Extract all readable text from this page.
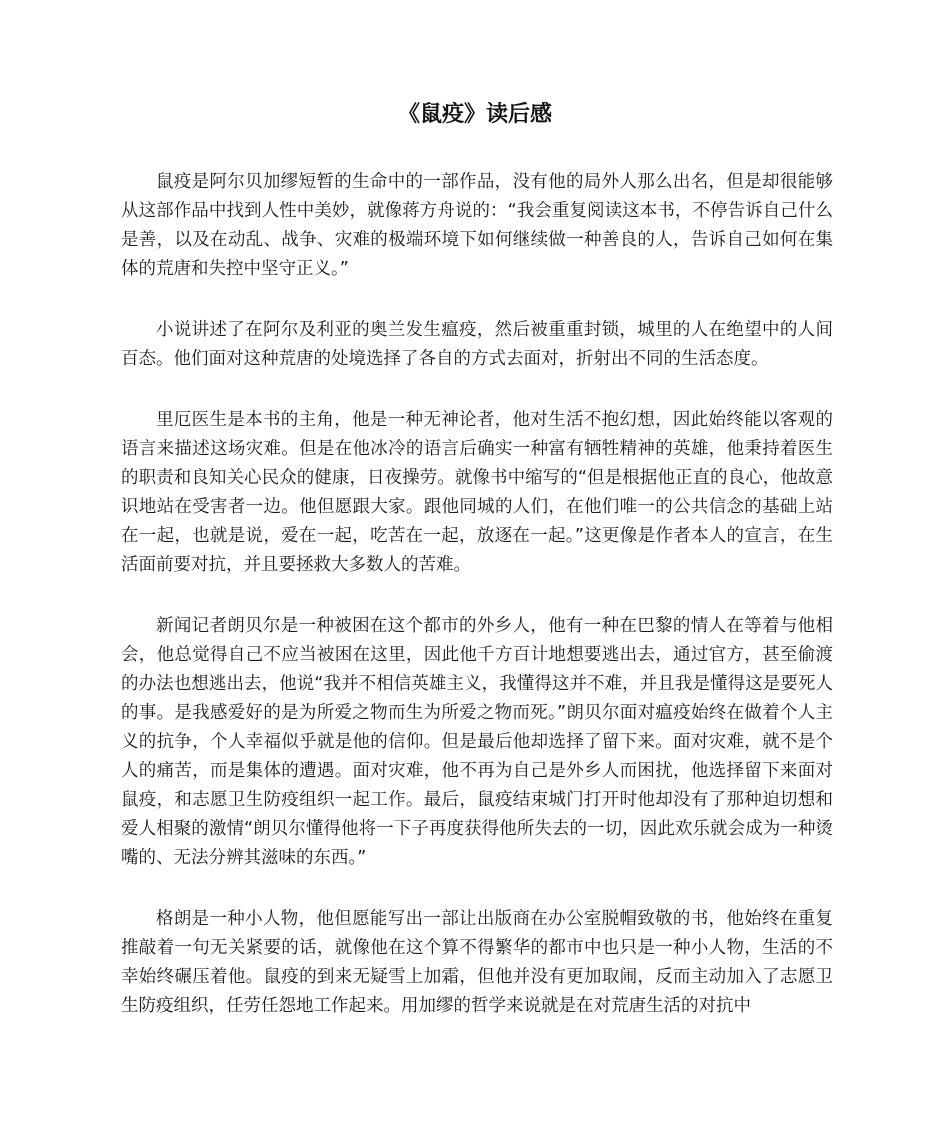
《鼠疫》读后感

鼠疫是阿尔贝加缪短暂的生命中的一部作品，没有他的局外人那么出名，但是却很能够从这部作品中找到人性中美妙，就像蒋方舟说的：“我会重复阅读这本书，不停告诉自己什么是善，以及在动乱、战争、灾难的极端环境下如何继续做一种善良的人，告诉自己如何在集体的荒唐和失控中坚守正义。”

小说讲述了在阿尔及利亚的奥兰发生瘟疫，然后被重重封锁，城里的人在绝望中的人间百态。他们面对这种荒唐的处境选择了各自的方式去面对，折射出不同的生活态度。

里厄医生是本书的主角，他是一种无神论者，他对生活不抱幻想，因此始终能以客观的语言来描述这场灾难。但是在他冰冷的语言后确实一种富有牺牲精神的英雄，他秉持着医生的职责和良知关心民众的健康，日夜操劳。就像书中缩写的“但是根据他正直的良心，他故意识地站在受害者一边。他但愿跟大家。跟他同城的人们，在他们唯一的公共信念的基础上站在一起，也就是说，爱在一起，吃苦在一起，放逐在一起。”这更像是作者本人的宣言，在生活面前要对抗，并且要拯救大多数人的苦难。

新闻记者朗贝尔是一种被困在这个都市的外乡人，他有一种在巴黎的情人在等着与他相会，他总觉得自己不应当被困在这里，因此他千方百计地想要逃出去，通过官方，甚至偷渡的办法也想逃出去，他说“我并不相信英雄主义，我懂得这并不难，并且我是懂得这是要死人的事。是我感爱好的是为所爱之物而生为所爱之物而死。”朗贝尔面对瘟疫始终在做着个人主义的抗争，个人幸福似乎就是他的信仰。但是最后他却选择了留下来。面对灾难，就不是个人的痛苦，而是集体的遭遇。面对灾难，他不再为自己是外乡人而困扰，他选择留下来面对鼠疫，和志愿卫生防疫组织一起工作。最后，鼠疫结束城门打开时他却没有了那种迫切想和爱人相聚的激情“朗贝尔懂得他将一下子再度获得他所失去的一切，因此欢乐就会成为一种烫嘴的、无法分辨其滋味的东西。”

格朗是一种小人物，他但愿能写出一部让出版商在办公室脱帽致敬的书，他始终在重复推敲着一句无关紧要的话，就像他在这个算不得繁华的都市中也只是一种小人物，生活的不幸始终碾压着他。鼠疫的到来无疑雪上加霜，但他并没有更加取闹，反而主动加入了志愿卫生防疫组织，任劳任怨地工作起来。用加缪的哲学来说就是在对荒唐生活的对抗中
